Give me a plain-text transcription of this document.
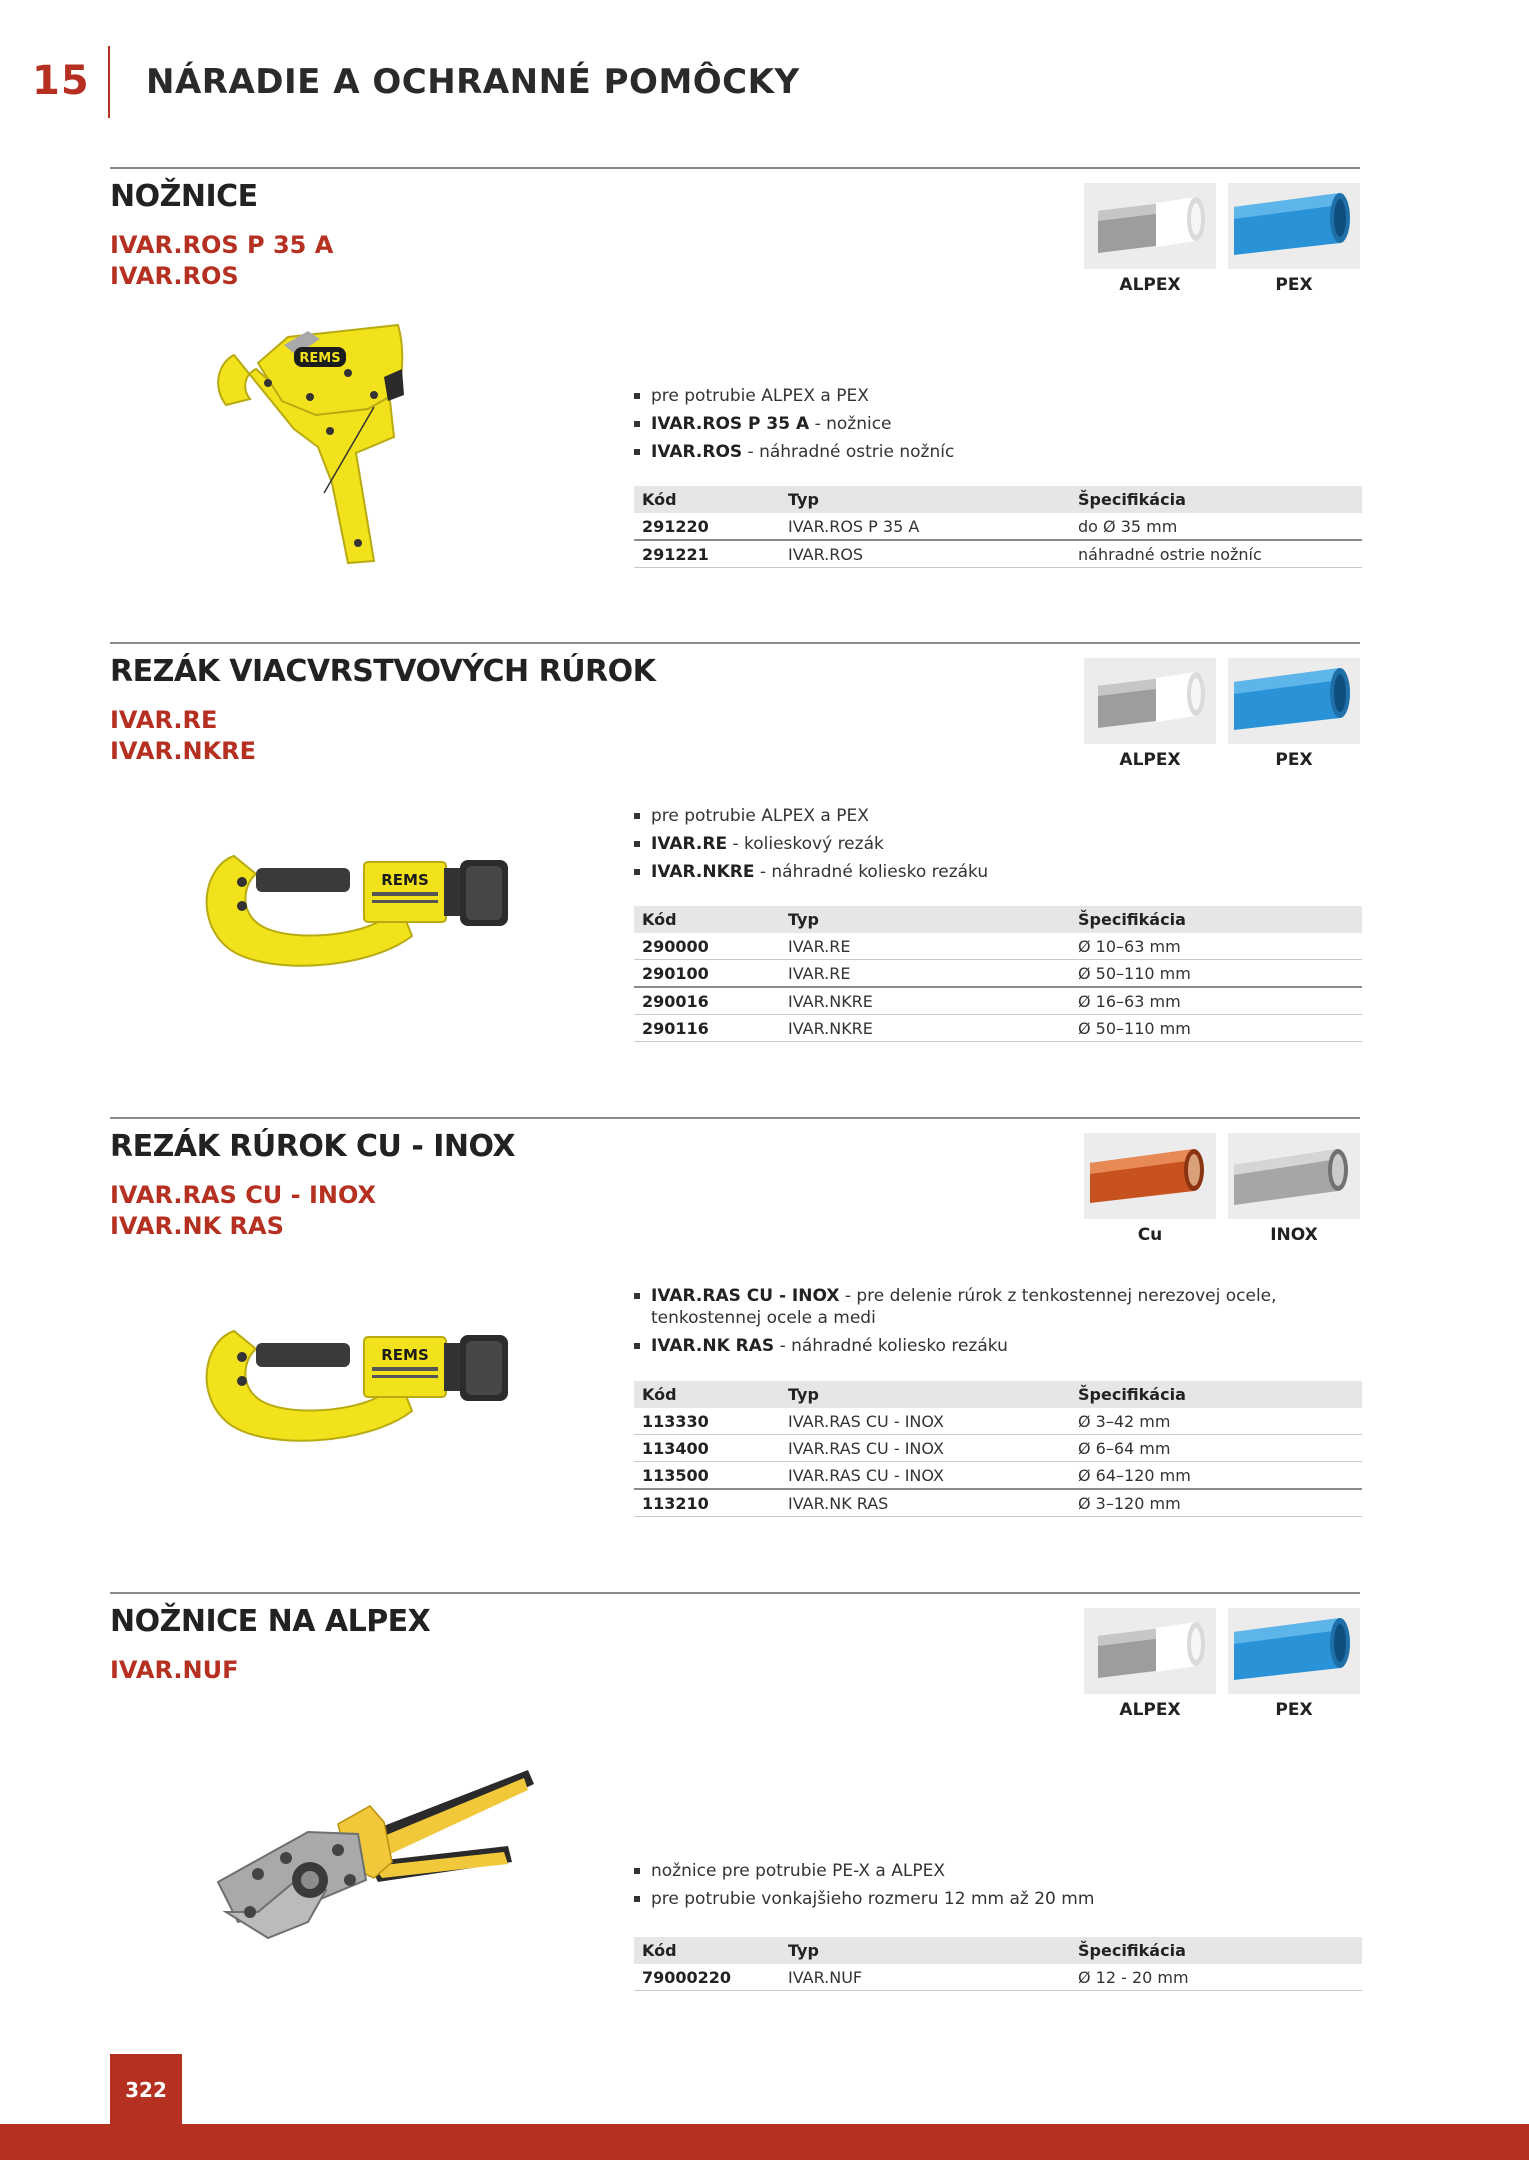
15 NÁRADIE A OCHRANNÉ POMÔCKY
NOŽNICE
IVAR.ROS P 35 A
IVAR.ROS	ALPEX	PEX
REMS
pre potrubie ALPEX a PEX
IVAR.ROS P 35 A - nožnice
IVAR.ROS - náhradné ostrie nožníc
Kód	Typ	Špecifikácia
291220	IVAR.ROS P 35 A	do Ø 35 mm
291221	IVAR.ROS	náhradné ostrie nožníc
REZÁK VIACVRSTVOVÝCH RÚROK
IVAR.RE
IVAR.NKRE	ALPEX	PEX
REMS
pre potrubie ALPEX a PEX
IVAR.RE - kolieskový rezák
IVAR.NKRE - náhradné koliesko rezáku
Kód	Typ	Špecifikácia
290000	IVAR.RE	Ø 10–63 mm
290100	IVAR.RE	Ø 50–110 mm
290016	IVAR.NKRE	Ø 16–63 mm
290116	IVAR.NKRE	Ø 50–110 mm
REZÁK RÚROK CU - INOX
IVAR.RAS CU - INOX
IVAR.NK RAS	Cu	INOX
REMS
IVAR.RAS CU - INOX - pre delenie rúrok z tenkostennej nerezovej ocele, tenkostennej ocele a medi
IVAR.NK RAS - náhradné koliesko rezáku
Kód	Typ	Špecifikácia
113330	IVAR.RAS CU - INOX	Ø 3–42 mm
113400	IVAR.RAS CU - INOX	Ø 6–64 mm
113500	IVAR.RAS CU - INOX	Ø 64–120 mm
113210	IVAR.NK RAS	Ø 3–120 mm
NOŽNICE NA ALPEX
IVAR.NUF
ALPEX	PEX
nožnice pre potrubie PE-X a ALPEX
pre potrubie vonkajšieho rozmeru 12 mm až 20 mm
Kód	Typ	Špecifikácia
79000220	IVAR.NUF	Ø 12 - 20 mm
322
